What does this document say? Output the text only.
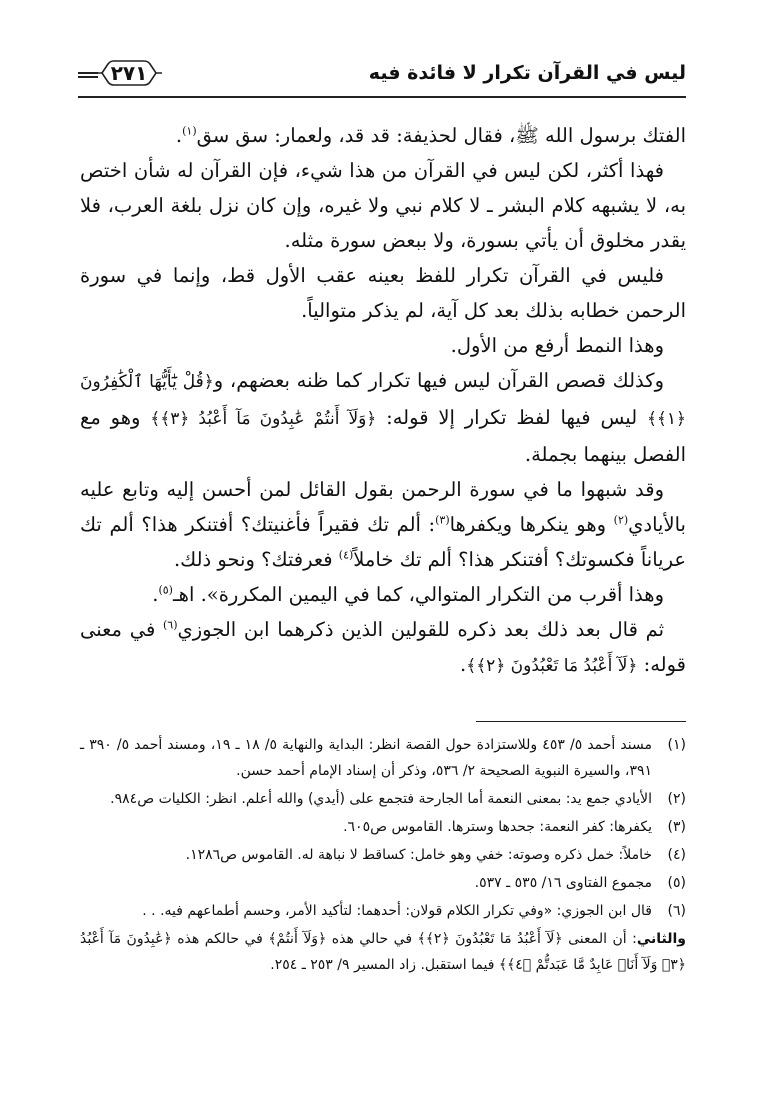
ليس في القرآن تكرار لا فائدة فيه
٢٧١

الفتك برسول الله ﷺ، فقال لحذيفة: قد قد، ولعمار: سق سق$^{(١)}$.

فهذا أكثر، لكن ليس في القرآن من هذا شيء، فإن القرآن له شأن اختص به، لا يشبهه كلام البشر ـ لا كلام نبي ولا غيره، وإن كان نزل بلغة العرب، فلا يقدر مخلوق أن يأتي بسورة، ولا ببعض سورة مثله.

فليس في القرآن تكرار للفظ بعينه عقب الأول قط، وإنما في سورة الرحمن خطابه بذلك بعد كل آية، لم يذكر متوالياً.

وهذا النمط أرفع من الأول.

وكذلك قصص القرآن ليس فيها تكرار كما ظنه بعضهم، و﴿قُلْ يَٰٓأَيُّهَا ٱلْكَٰفِرُونَ ﴿١﴾﴾ ليس فيها لفظ تكرار إلا قوله: ﴿وَلَآ أَنتُمْ عَٰبِدُونَ مَآ أَعْبُدُ ﴿٣﴾﴾ وهو مع الفصل بينهما بجملة.

وقد شبهوا ما في سورة الرحمن بقول القائل لمن أحسن إليه وتابع عليه بالأيادي$^{(٢)}$ وهو ينكرها ويكفرها$^{(٣)}$: ألم تك فقيراً فأغنيتك؟ أفتنكر هذا؟ ألم تك عرياناً فكسوتك؟ أفتنكر هذا؟ ألم تك خاملاً$^{(٤)}$ فعرفتك؟ ونحو ذلك.

وهذا أقرب من التكرار المتوالي، كما في اليمين المكررة». اهـ$^{(٥)}$.

ثم قال بعد ذلك بعد ذكره للقولين الذين ذكرهما ابن الجوزي$^{(٦)}$ في معنى قوله: ﴿لَآ أَعْبُدُ مَا تَعْبُدُونَ ﴿٢﴾﴾.

(١)
مسند أحمد ٥/ ٤٥٣ وللاستزادة حول القصة انظر: البداية والنهاية ٥/ ١٨ ـ ١٩، ومسند أحمد ٥/ ٣٩٠ ـ ٣٩١، والسيرة النبوية الصحيحة ٢/ ٥٣٦، وذكر أن إسناد الإمام أحمد حسن.
(٢)
الأيادي جمع يد: بمعنى النعمة أما الجارحة فتجمع على (أيدي) والله أعلم. انظر: الكليات ص٩٨٤.
(٣)
يكفرها: كفر النعمة: جحدها وسترها. القاموس ص٦٠٥.
(٤)
خاملاً: خمل ذكره وصوته: خفي وهو خامل: كساقط لا نباهة له. القاموس ص١٢٨٦.
(٥)
مجموع الفتاوى ١٦/ ٥٣٥ ـ ٥٣٧.
(٦)
قال ابن الجوزي: «وفي تكرار الكلام قولان: أحدهما: لتأكيد الأمر، وحسم أطماعهم فيه. . .
والثاني: أن المعنى ﴿لَآ أَعْبُدُ مَا تَعْبُدُونَ ﴿٢﴾﴾ في حالي هذه ﴿وَلَآ أَنتُمْ﴾ في حالكم هذه ﴿عَٰبِدُونَ مَآ أَعْبُدُ ﴿٣﴾ وَلَآ أَنَا۠ عَابِدٌ مَّا عَبَدتُّمْ ﴿٤﴾﴾ فيما استقبل. زاد المسير ٩/ ٢٥٣ ـ ٢٥٤.
